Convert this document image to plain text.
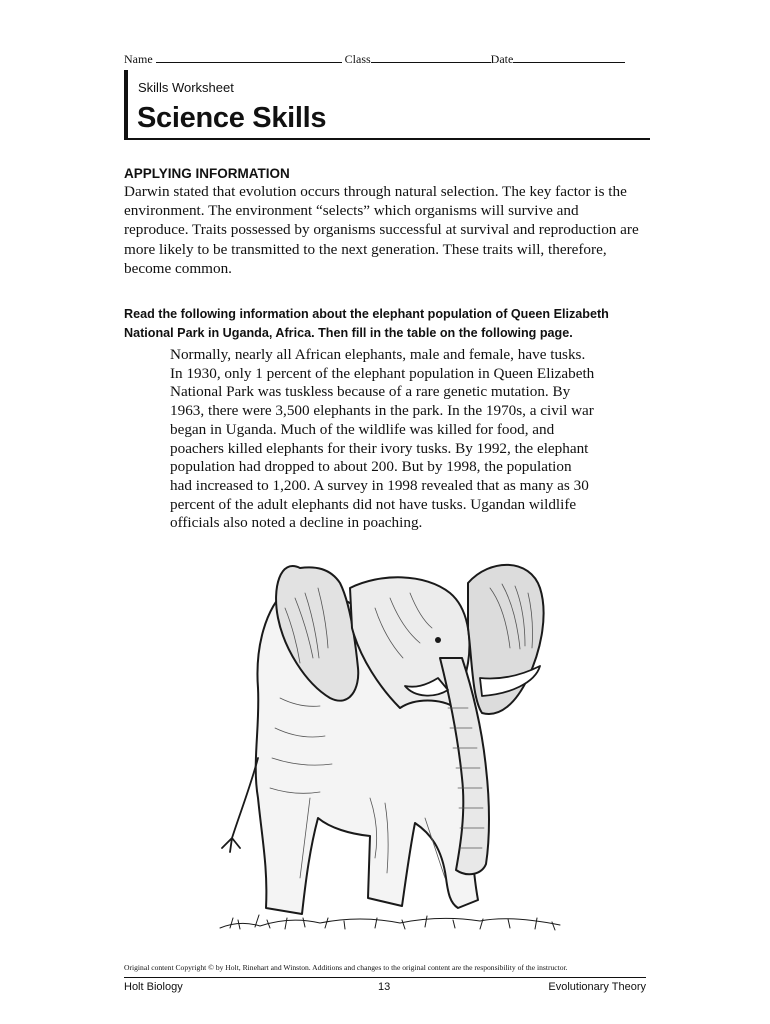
Name	Class	Date
Skills Worksheet
Science Skills
APPLYING INFORMATION

Darwin stated that evolution occurs through natural selection. The key factor is the environment. The environment “selects” which organisms will survive and reproduce. Traits possessed by organisms successful at survival and reproduction are more likely to be transmitted to the next generation. These traits will, therefore, become common.

Read the following information about the elephant population of Queen Elizabeth National Park in Uganda, Africa. Then fill in the table on the following page.

Normally, nearly all African elephants, male and female, have tusks. In 1930, only 1 percent of the elephant population in Queen Elizabeth National Park was tuskless because of a rare genetic mutation. By 1963, there were 3,500 elephants in the park. In the 1970s, a civil war began in Uganda. Much of the wildlife was killed for food, and poachers killed elephants for their ivory tusks. By 1992, the elephant population had dropped to about 200. But by 1998, the population had increased to 1,200. A survey in 1998 revealed that as many as 30 percent of the adult elephants did not have tusks. Ugandan wildlife officials also noted a decline in poaching.

Original content Copyright © by Holt, Rinehart and Winston. Additions and changes to the original content are the responsibility of the instructor.
Holt Biology	13	Evolutionary Theory
